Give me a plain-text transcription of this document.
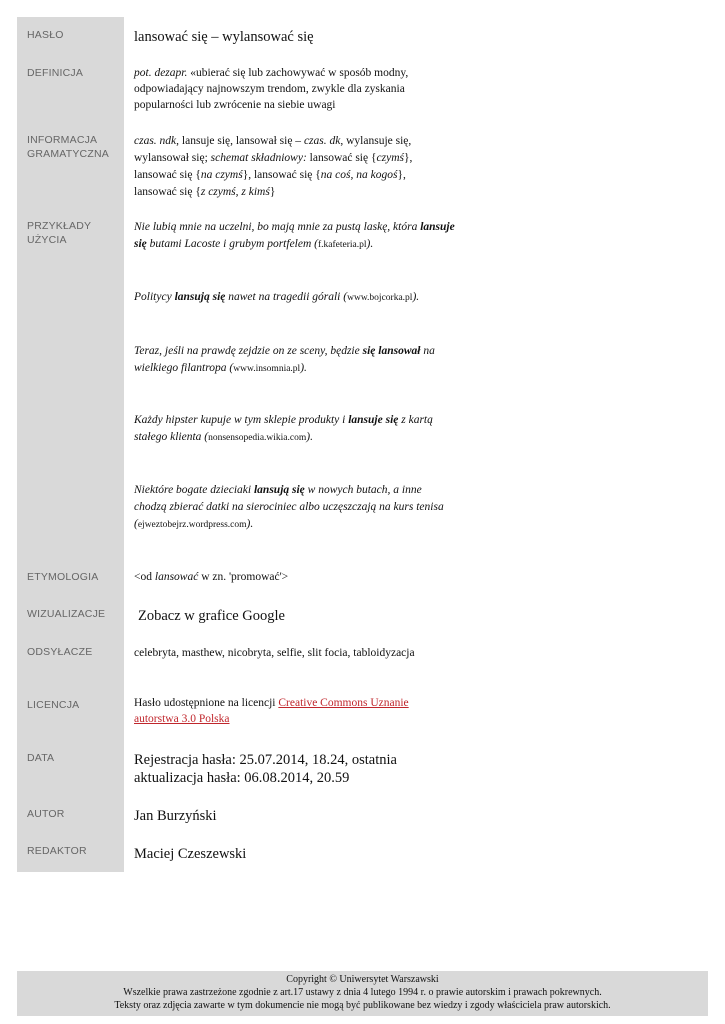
HASŁO
DEFINICJA
INFORMACJA
GRAMATYCZNA
PRZYKŁADY
UŻYCIA
ETYMOLOGIA
WIZUALIZACJE
ODSYŁACZE
LICENCJA
DATA
AUTOR
REDAKTOR
lansować się – wylansować się
pot. dezapr. «ubierać się lub zachowywać w sposób modny, odpowiadający najnowszym trendom, zwykle dla zyskania popularności lub zwrócenie na siebie uwagi
czas. ndk, lansuje się, lansował się – czas. dk, wylansuje się, wylansował się; schemat składniowy: lansować się {czymś}, lansować się {na czymś}, lansować się {na coś, na kogoś}, lansować się {z czymś, z kimś}
Nie lubią mnie na uczelni, bo mają mnie za pustą laskę, która lansuje się butami Lacoste i grubym portfelem (f.kafeteria.pl).
Politycy lansują się nawet na tragedii górali (www.bojcorka.pl).
Teraz, jeśli na prawdę zejdzie on ze sceny, będzie się lansował na wielkiego filantropa (www.insomnia.pl).
Każdy hipster kupuje w tym sklepie produkty i lansuje się z kartą stałego klienta (nonsensopedia.wikia.com).
Niektóre bogate dzieciaki lansują się w nowych butach, a inne chodzą zbierać datki na sierociniec albo uczęszczają na kurs tenisa (ejweztobejrz.wordpress.com).
<od lansować w zn. 'promować'>
Zobacz w grafice Google
celebryta, masthew, nicobryta, selfie, slit focia, tabloidyzacja
Hasło udostępnione na licencji Creative Commons Uznanie autorstwa 3.0 Polska
Rejestracja hasła: 25.07.2014, 18.24, ostatnia aktualizacja hasła: 06.08.2014, 20.59
Jan Burzyński
Maciej Czeszewski
Copyright © Uniwersytet Warszawski
Wszelkie prawa zastrzeżone zgodnie z art.17 ustawy z dnia 4 lutego 1994 r. o prawie autorskim i prawach pokrewnych.
Teksty oraz zdjęcia zawarte w tym dokumencie nie mogą być publikowane bez wiedzy i zgody właściciela praw autorskich.
